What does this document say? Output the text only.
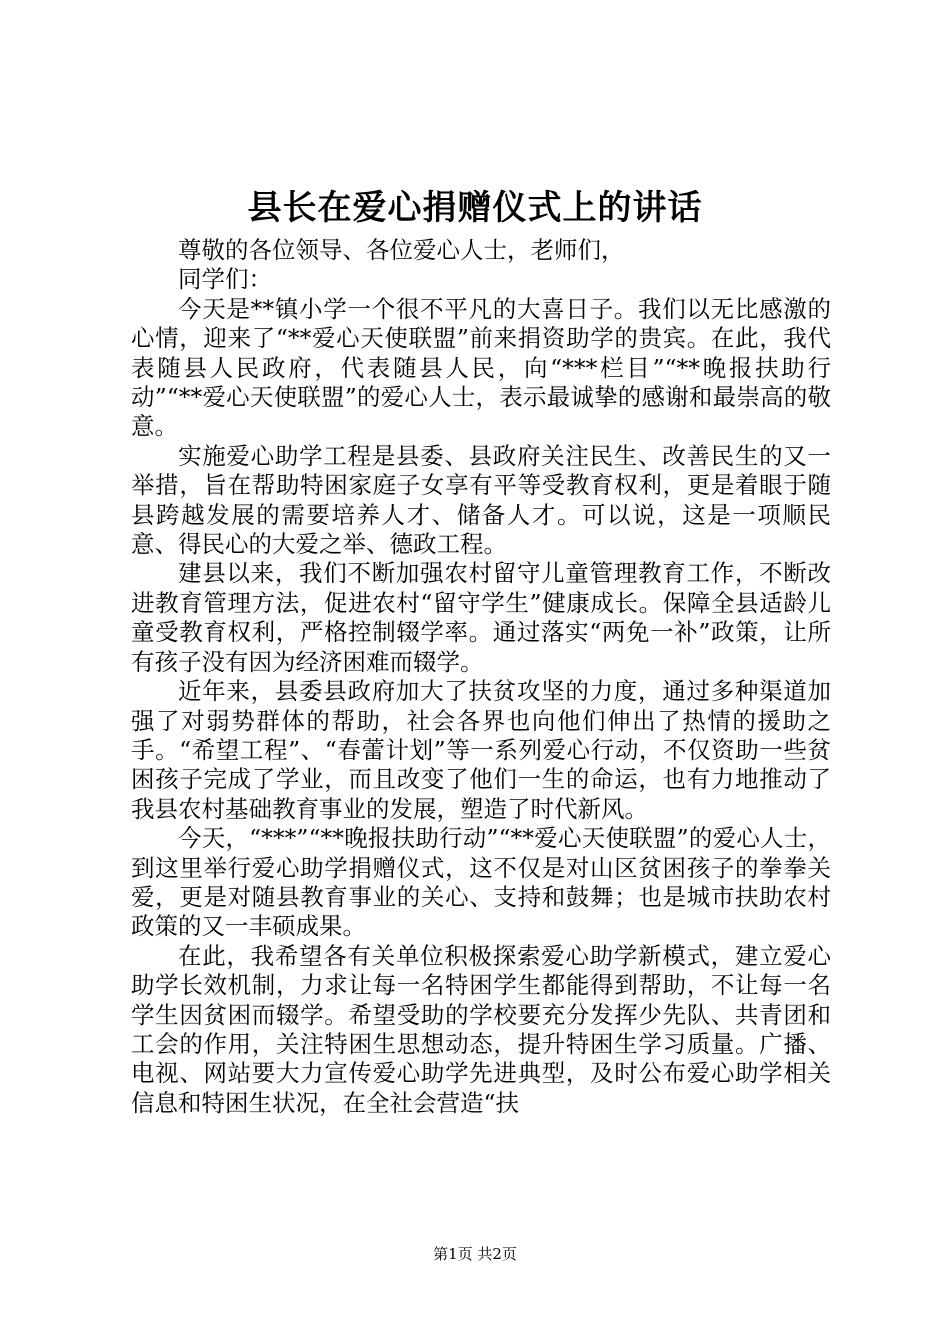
县长在爱心捐赠仪式上的讲话

尊敬的各位领导、各位爱心人士，老师们，

同学们：

今天是**镇小学一个很不平凡的大喜日子。我们以无比感激的心情，迎来了“**爱心天使联盟”前来捐资助学的贵宾。在此，我代表随县人民政府，代表随县人民，向“***栏目”“**晚报扶助行动”“**爱心天使联盟”的爱心人士，表示最诚挚的感谢和最崇高的敬意。

实施爱心助学工程是县委、县政府关注民生、改善民生的又一举措，旨在帮助特困家庭子女享有平等受教育权利，更是着眼于随县跨越发展的需要培养人才、储备人才。可以说，这是一项顺民意、得民心的大爱之举、德政工程。

建县以来，我们不断加强农村留守儿童管理教育工作，不断改进教育管理方法，促进农村“留守学生”健康成长。保障全县适龄儿童受教育权利，严格控制辍学率。通过落实“两免一补”政策，让所有孩子没有因为经济困难而辍学。

近年来，县委县政府加大了扶贫攻坚的力度，通过多种渠道加强了对弱势群体的帮助，社会各界也向他们伸出了热情的援助之手。“希望工程”、“春蕾计划”等一系列爱心行动，不仅资助一些贫困孩子完成了学业，而且改变了他们一生的命运，也有力地推动了我县农村基础教育事业的发展，塑造了时代新风。

今天，“***”“**晚报扶助行动”“**爱心天使联盟”的爱心人士，到这里举行爱心助学捐赠仪式，这不仅是对山区贫困孩子的拳拳关爱，更是对随县教育事业的关心、支持和鼓舞；也是城市扶助农村政策的又一丰硕成果。

在此，我希望各有关单位积极探索爱心助学新模式，建立爱心助学长效机制，力求让每一名特困学生都能得到帮助，不让每一名学生因贫困而辍学。希望受助的学校要充分发挥少先队、共青团和工会的作用，关注特困生思想动态，提升特困生学习质量。广播、电视、网站要大力宣传爱心助学先进典型，及时公布爱心助学相关信息和特困生状况，在全社会营造“扶

第1页 共2页
